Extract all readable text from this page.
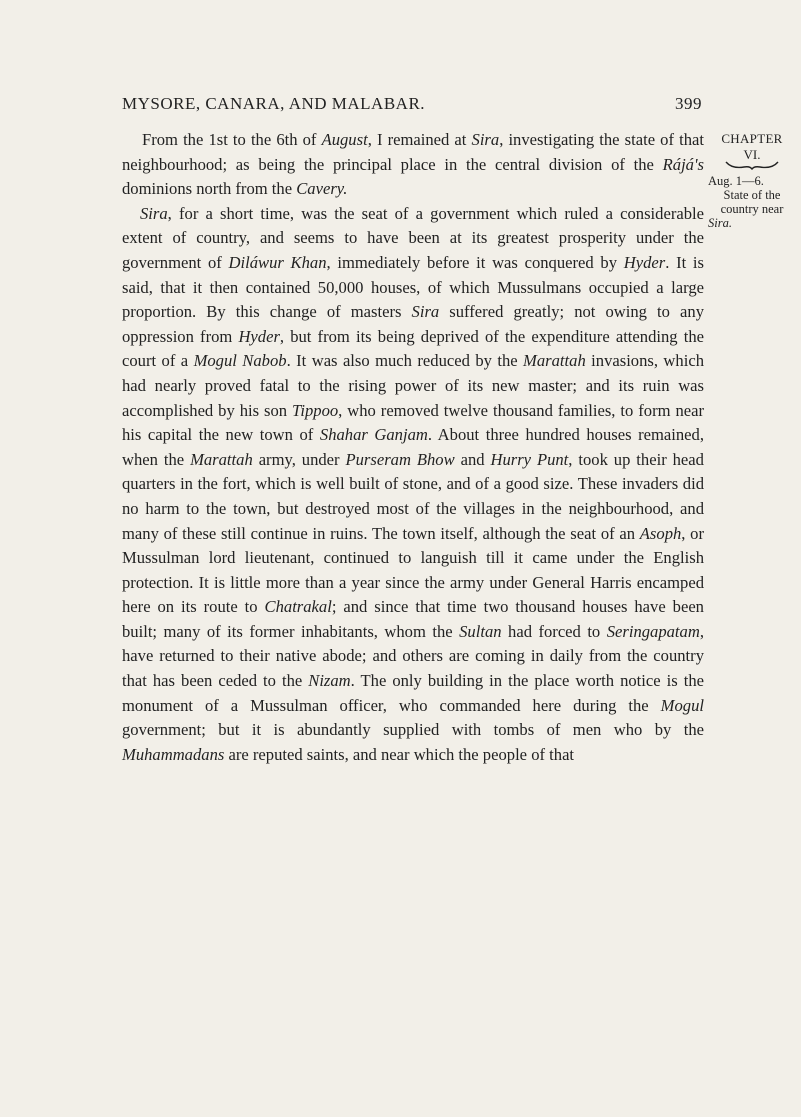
MYSORE, CANARA, AND MALABAR.	399

From the 1st to the 6th of August, I remained at Sira, investigating the state of that neighbourhood; as being the principal place in the central division of the Rájá's dominions north from the Cavery.

Sira, for a short time, was the seat of a government which ruled a considerable extent of country, and seems to have been at its greatest prosperity under the government of Diláwur Khan, immediately before it was conquered by Hyder. It is said, that it then contained 50,000 houses, of which Mussulmans occupied a large proportion. By this change of masters Sira suffered greatly; not owing to any oppression from Hyder, but from its being deprived of the expenditure attending the court of a Mogul Nabob. It was also much reduced by the Marattah invasions, which had nearly proved fatal to the rising power of its new master; and its ruin was accomplished by his son Tippoo, who removed twelve thousand families, to form near his capital the new town of Shahar Ganjam. About three hundred houses remained, when the Marattah army, under Purseram Bhow and Hurry Punt, took up their head quarters in the fort, which is well built of stone, and of a good size. These invaders did no harm to the town, but destroyed most of the villages in the neighbourhood, and many of these still continue in ruins. The town itself, although the seat of an Asoph, or Mussulman lord lieutenant, continued to languish till it came under the English protection. It is little more than a year since the army under General Harris encamped here on its route to Chatrakal; and since that time two thousand houses have been built; many of its former inhabitants, whom the Sultan had forced to Seringapatam, have returned to their native abode; and others are coming in daily from the country that has been ceded to the Nizam. The only building in the place worth notice is the monument of a Mussulman officer, who commanded here during the Mogul government; but it is abundantly supplied with tombs of men who by the Muhammadans are reputed saints, and near which the people of that

CHAPTER
VI.
Aug. 1—6.
State of the
country near
Sira.
